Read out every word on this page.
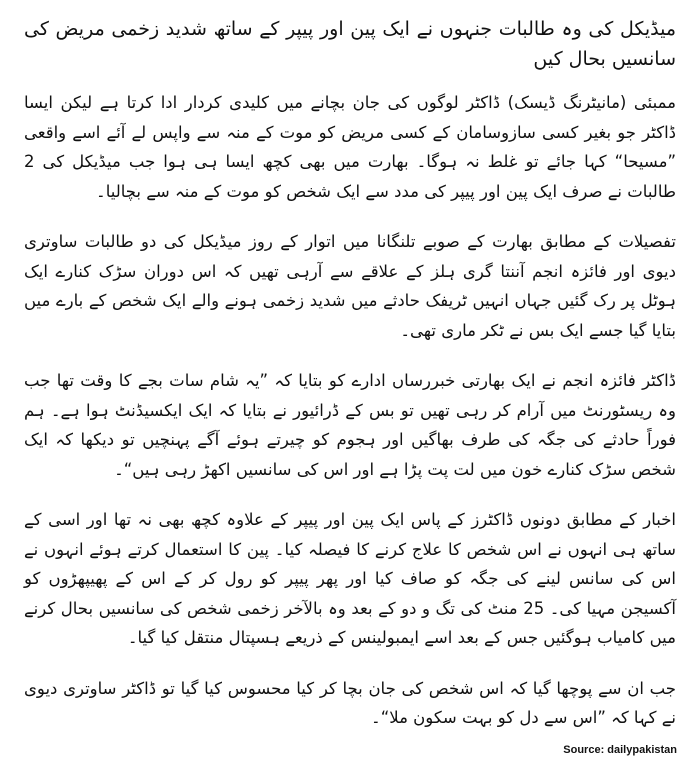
میڈیکل کی وہ طالبات جنہوں نے ایک پین اور پیپر کے ساتھ شدید زخمی مریض کی سانسیں بحال کیں

ممبئی (مانیٹرنگ ڈیسک) ڈاکٹر لوگوں کی جان بچانے میں کلیدی کردار ادا کرتا ہے لیکن ایسا ڈاکٹر جو بغیر کسی سازوسامان کے کسی مریض کو موت کے منہ سے واپس لے آئے اسے واقعی ”مسیحا“ کہا جائے تو غلط نہ ہوگا۔ بھارت میں بھی کچھ ایسا ہی ہوا جب میڈیکل کی 2 طالبات نے صرف ایک پین اور پیپر کی مدد سے ایک شخص کو موت کے منہ سے بچالیا۔

تفصیلات کے مطابق بھارت کے صوبے تلنگانا میں اتوار کے روز میڈیکل کی دو طالبات ساوتری دیوی اور فائزہ انجم آننتا گری ہلز کے علاقے سے آرہی تھیں کہ اس دوران سڑک کنارے ایک ہوٹل پر رک گئیں جہاں انہیں ٹریفک حادثے میں شدید زخمی ہونے والے ایک شخص کے بارے میں بتایا گیا جسے ایک بس نے ٹکر ماری تھی۔

ڈاکٹر فائزہ انجم نے ایک بھارتی خبررساں ادارے کو بتایا کہ ”یہ شام سات بجے کا وقت تھا جب وہ ریسٹورنٹ میں آرام کر رہی تھیں تو بس کے ڈرائیور نے بتایا کہ ایک ایکسیڈنٹ ہوا ہے۔ ہم فوراً حادثے کی جگہ کی طرف بھاگیں اور ہجوم کو چیرتے ہوئے آگے پہنچیں تو دیکھا کہ ایک شخص سڑک کنارے خون میں لت پت پڑا ہے اور اس کی سانسیں اکھڑ رہی ہیں“۔

اخبار کے مطابق دونوں ڈاکٹرز کے پاس ایک پین اور پیپر کے علاوہ کچھ بھی نہ تھا اور اسی کے ساتھ ہی انہوں نے اس شخص کا علاج کرنے کا فیصلہ کیا۔ پین کا استعمال کرتے ہوئے انہوں نے اس کی سانس لینے کی جگہ کو صاف کیا اور پھر پیپر کو رول کر کے اس کے پھیپھڑوں کو آکسیجن مہیا کی۔ 25 منٹ کی تگ و دو کے بعد وہ بالآخر زخمی شخص کی سانسیں بحال کرنے میں کامیاب ہوگئیں جس کے بعد اسے ایمبولینس کے ذریعے ہسپتال منتقل کیا گیا۔

جب ان سے پوچھا گیا کہ اس شخص کی جان بچا کر کیا محسوس کیا گیا تو ڈاکٹر ساوتری دیوی نے کہا کہ ”اس سے دل کو بہت سکون ملا“۔

Source: dailypakistan
